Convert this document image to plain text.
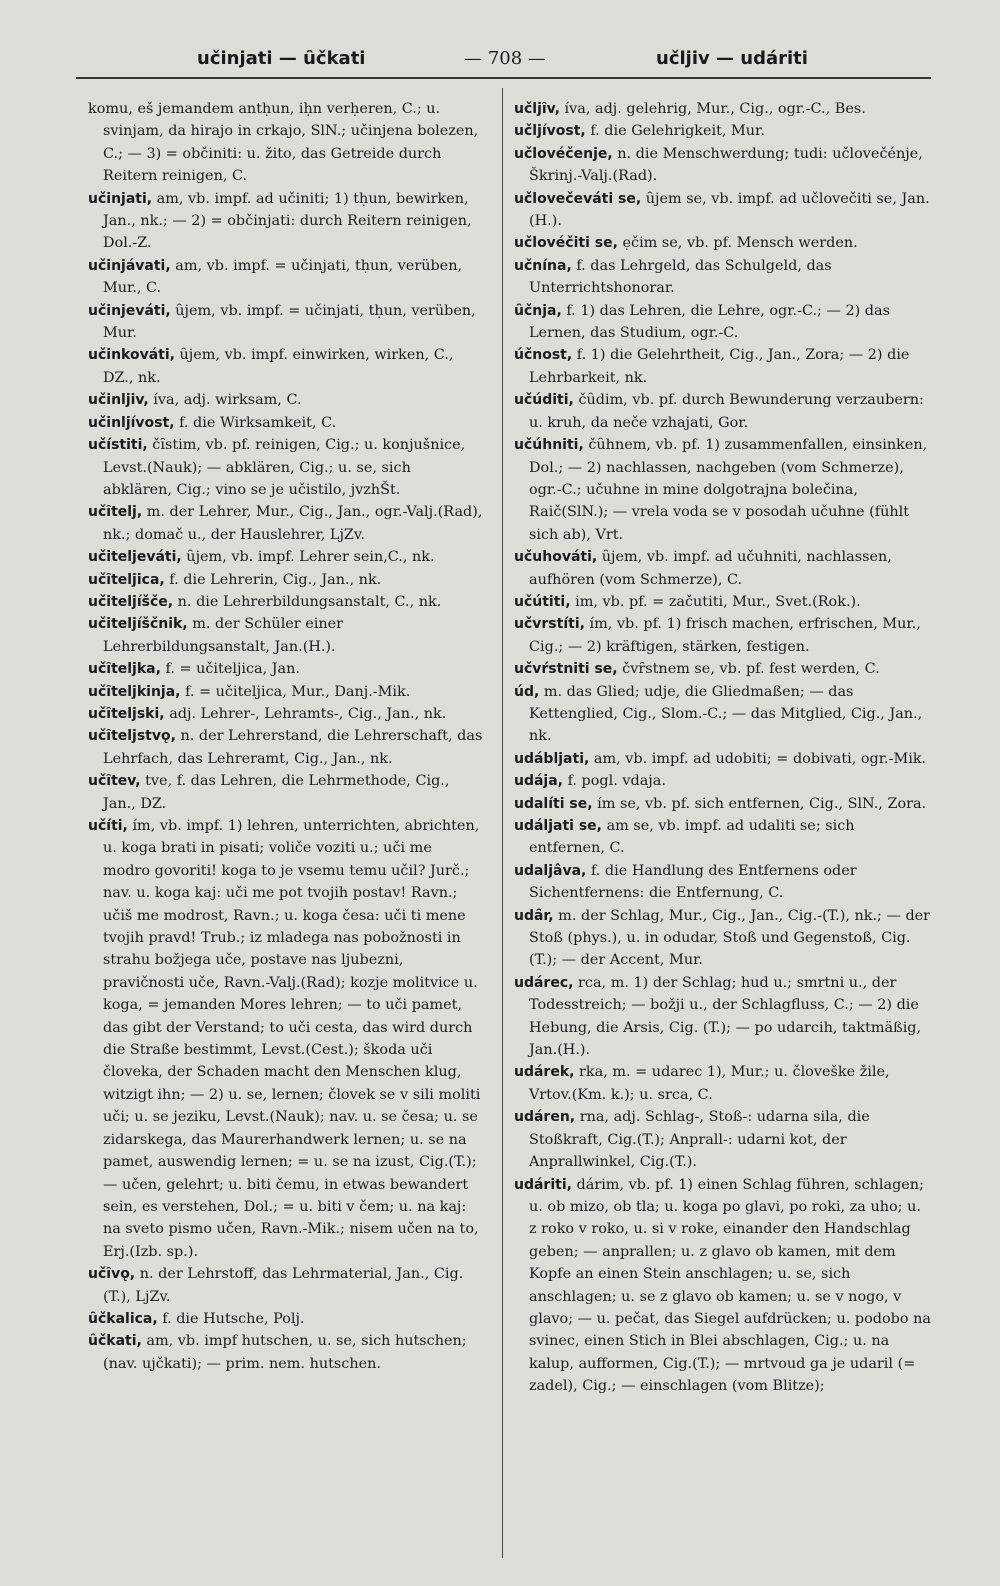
učinjati — ȗčkati	— 708 —	učljiv — udáriti

komu, eš jemandem antḥun, iḥn verḥeren, C.; u. svinjam, da hirajo in crkajo, SlN.; učinjena bolezen, C.; — 3) = občiniti: u. žito, das Getreide durch Reitern reinigen, C.

učinjati, am, vb. impf. ad učiniti; 1) tḥun, bewirken, Jan., nk.; — 2) = občinjati: durch Reitern reinigen, Dol.-Z.

učinjávati, am, vb. impf. = učinjati, tḥun, verüben, Mur., C.

učinjeváti, ȗjem, vb. impf. = učinjati, tḥun, verüben, Mur.

učinkováti, ȗjem, vb. impf. einwirken, wirken, C., DZ., nk.

učinljiv, íva, adj. wirksam, C.

učinljívost, f. die Wirksamkeit, C.

učístiti, čȋstim, vb. pf. reinigen, Cig.; u. konjušnice, Levst.(Nauk); — abklären, Cig.; u. se, sich abklären, Cig.; vino se je učistilo, jvzhŠt.

učȋtelj, m. der Lehrer, Mur., Cig., Jan., ogr.-Valj.(Rad), nk.; domač u., der Hauslehrer, LjZv.

učiteljeváti, ȗjem, vb. impf. Lehrer sein,C., nk.

učȋteljica, f. die Lehrerin, Cig., Jan., nk.

učiteljíšče, n. die Lehrerbildungsanstalt, C., nk.

učiteljíščnik, m. der Schüler einer Lehrerbildungsanstalt, Jan.(H.).

učȋteljka, f. = učiteljica, Jan.

učȋteljkinja, f. = učiteljica, Mur., Danj.-Mik.

učȋteljski, adj. Lehrer-, Lehramts-, Cig., Jan., nk.

učȋteljstvǫ, n. der Lehrerstand, die Lehrerschaft, das Lehrfach, das Lehreramt, Cig., Jan., nk.

učȋtev, tve, f. das Lehren, die Lehrmethode, Cig., Jan., DZ.

učíti, ím, vb. impf. 1) lehren, unterrichten, abrichten, u. koga brati in pisati; voliče voziti u.; uči me modro govoriti! koga to je vsemu temu učil? Jurč.; nav. u. koga kaj: uči me pot tvojih postav! Ravn.; učiš me modrost, Ravn.; u. koga česa: uči ti mene tvojih pravd! Trub.; iz mladega nas pobožnosti in strahu božjega uče, postave nas ljubezni, pravičnosti uče, Ravn.-Valj.(Rad); kozje molitvice u. koga, = jemanden Mores lehren; — to uči pamet, das gibt der Verstand; to uči cesta, das wird durch die Straße bestimmt, Levst.(Cest.); škoda uči človeka, der Schaden macht den Menschen klug, witzigt ihn; — 2) u. se, lernen; človek se v sili moliti uči; u. se jeziku, Levst.(Nauk); nav. u. se česa; u. se zidarskega, das Maurerhandwerk lernen; u. se na pamet, auswendig lernen; = u. se na izust, Cig.(T.); — učen, gelehrt; u. biti čemu, in etwas bewandert sein, es verstehen, Dol.; = u. biti v čem; u. na kaj: na sveto pismo učen, Ravn.-Mik.; nisem učen na to, Erj.(Izb. sp.).

učȋvǫ, n. der Lehrstoff, das Lehrmaterial, Jan., Cig.(T.), LjZv.

ȗčkalica, f. die Hutsche, Polj.

ȗčkati, am, vb. impf hutschen, u. se, sich hutschen; (nav. ujčkati); — prim. nem. hutschen.

učljȋv, íva, adj. gelehrig, Mur., Cig., ogr.-C., Bes.

učljívost, f. die Gelehrigkeit, Mur.

učlovéčenje, n. die Menschwerdung; tudi: učlovečénje, Škrinj.-Valj.(Rad).

učlovečeváti se, ȗjem se, vb. impf. ad učlovečiti se, Jan.(H.).

učlovéčiti se, ẹčim se, vb. pf. Mensch werden.

učnína, f. das Lehrgeld, das Schulgeld, das Unterrichtshonorar.

ȗčnja, f. 1) das Lehren, die Lehre, ogr.-C.; — 2) das Lernen, das Studium, ogr.-C.

účnost, f. 1) die Gelehrtheit, Cig., Jan., Zora; — 2) die Lehrbarkeit, nk.

učúditi, čȗdim, vb. pf. durch Bewunderung verzaubern: u. kruh, da neče vzhajati, Gor.

učúhniti, čȗhnem, vb. pf. 1) zusammenfallen, einsinken, Dol.; — 2) nachlassen, nachgeben (vom Schmerze), ogr.-C.; učuhne in mine dolgotrajna bolečina, Raič(SlN.); — vrela voda se v posodah učuhne (fühlt sich ab), Vrt.

učuhováti, ȗjem, vb. impf. ad učuhniti, nachlassen, aufhören (vom Schmerze), C.

učútiti, im, vb. pf. = začutiti, Mur., Svet.(Rok.).

učvrstíti, ím, vb. pf. 1) frisch machen, erfrischen, Mur., Cig.; — 2) kräftigen, stärken, festigen.

učvŕstniti se, čvȓstnem se, vb. pf. fest werden, C.

úd, m. das Glied; udje, die Gliedmaßen; — das Kettenglied, Cig., Slom.-C.; — das Mitglied, Cig., Jan., nk.

udábljati, am, vb. impf. ad udobiti; = dobivati, ogr.-Mik.

udája, f. pogl. vdaja.

udalíti se, ím se, vb. pf. sich entfernen, Cig., SlN., Zora.

událjati se, am se, vb. impf. ad udaliti se; sich entfernen, C.

udaljâva, f. die Handlung des Entfernens oder Sichentfernens: die Entfernung, C.

udȃr, m. der Schlag, Mur., Cig., Jan., Cig.-(T.), nk.; — der Stoß (phys.), u. in odudar, Stoß und Gegenstoß, Cig.(T.); — der Accent, Mur.

udárec, rca, m. 1) der Schlag; hud u.; smrtni u., der Todesstreich; — božji u., der Schlagfluss, C.; — 2) die Hebung, die Arsis, Cig. (T.); — po udarcih, taktmäßig, Jan.(H.).

udárek, rka, m. = udarec 1), Mur.; u. človeške žile, Vrtov.(Km. k.); u. srca, C.

udáren, rna, adj. Schlag-, Stoß-: udarna sila, die Stoßkraft, Cig.(T.); Anprall-: udarni kot, der Anprallwinkel, Cig.(T.).

udáriti, dárim, vb. pf. 1) einen Schlag führen, schlagen; u. ob mizo, ob tla; u. koga po glavi, po roki, za uho; u. z roko v roko, u. si v roke, einander den Handschlag geben; — anprallen; u. z glavo ob kamen, mit dem Kopfe an einen Stein anschlagen; u. se, sich anschlagen; u. se z glavo ob kamen; u. se v nogo, v glavo; — u. pečat, das Siegel aufdrücken; u. podobo na svinec, einen Stich in Blei abschlagen, Cig.; u. na kalup, aufformen, Cig.(T.); — mrtvoud ga je udaril (= zadel), Cig.; — einschlagen (vom Blitze);
